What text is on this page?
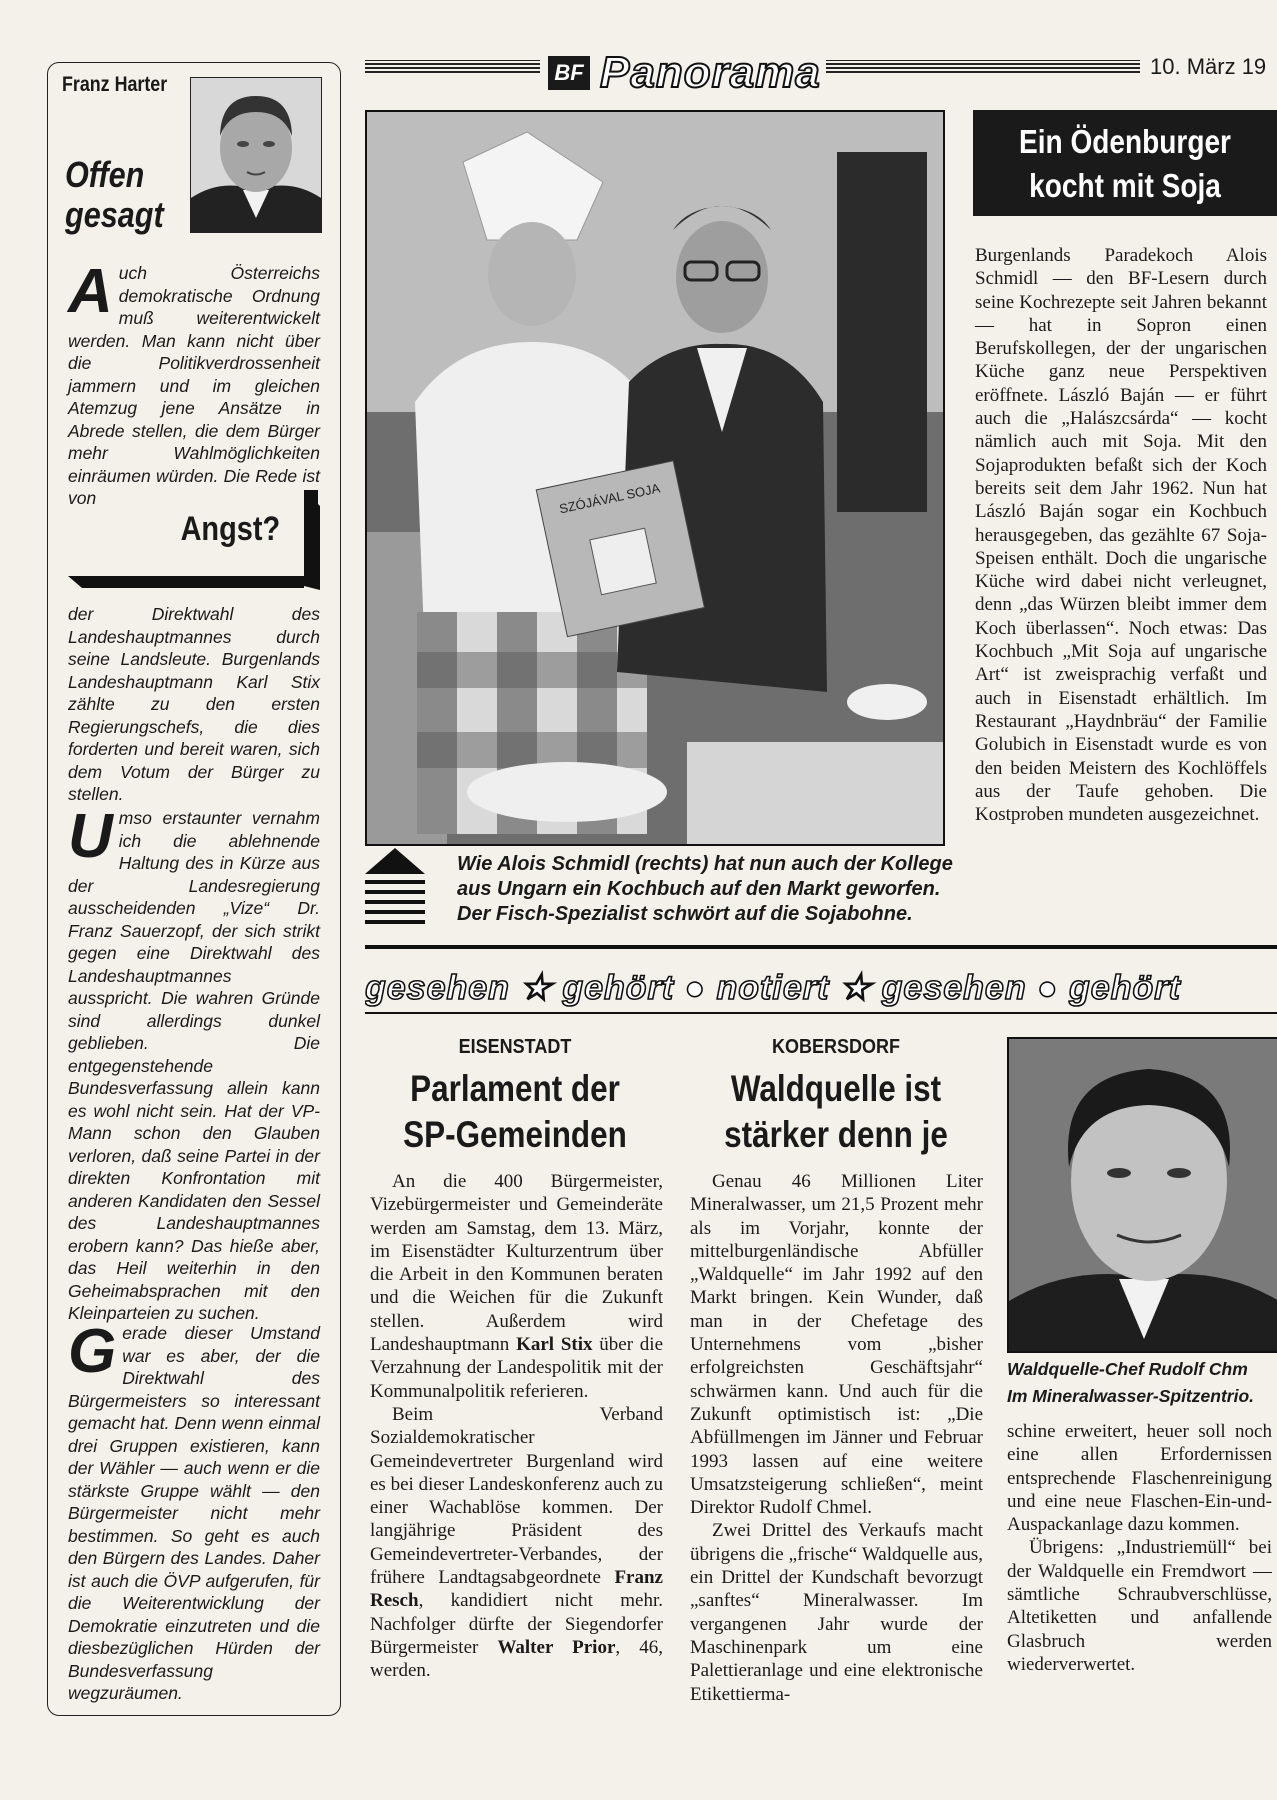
BF Panorama	10. März 19
Franz Harter
Offen
gesagt
Auch Österreichs demokratische Ordnung muß weiterentwickelt werden. Man kann nicht über die Politikverdrossenheit jammern und im gleichen Atemzug jene Ansätze in Abrede stellen, die dem Bürger mehr Wahlmöglichkeiten einräumen würden. Die Rede ist von
Angst?
der Direktwahl des Landeshauptmannes durch seine Landsleute. Burgenlands Landeshauptmann Karl Stix zählte zu den ersten Regierungschefs, die dies forderten und bereit waren, sich dem Votum der Bürger zu stellen.
Umso erstaunter vernahm ich die ablehnende Haltung des in Kürze aus der Landesregierung ausscheidenden „Vize“ Dr. Franz Sauerzopf, der sich strikt gegen eine Direktwahl des Landeshauptmannes ausspricht. Die wahren Gründe sind allerdings dunkel geblieben. Die entgegenstehende Bundesverfassung allein kann es wohl nicht sein. Hat der VP-Mann schon den Glauben verloren, daß seine Partei in der direkten Konfrontation mit anderen Kandidaten den Sessel des Landeshauptmannes erobern kann? Das hieße aber, das Heil weiterhin in den Geheimabsprachen mit den Kleinparteien zu suchen.
Gerade dieser Umstand war es aber, der die Direktwahl des Bürgermeisters so interessant gemacht hat. Denn wenn einmal drei Gruppen existieren, kann der Wähler — auch wenn er die stärkste Gruppe wählt — den Bürgermeister nicht mehr bestimmen. So geht es auch den Bürgern des Landes. Daher ist auch die ÖVP aufgerufen, für die Weiterentwicklung der Demokratie einzutreten und die diesbezüglichen Hürden der Bundesverfassung wegzuräumen.
SZÓJÁVAL SOJA
Wie Alois Schmidl (rechts) hat nun auch der Kollege aus Ungarn ein Kochbuch auf den Markt geworfen. Der Fisch-Spezialist schwört auf die Sojabohne.
Ein Ödenburger
kocht mit Soja
Burgenlands Paradekoch Alois Schmidl — den BF-Lesern durch seine Kochrezepte seit Jahren bekannt — hat in Sopron einen Berufskollegen, der der ungarischen Küche ganz neue Perspektiven eröffnete. László Baján — er führt auch die „Halászcsárda“ — kocht nämlich auch mit Soja. Mit den Sojaprodukten befaßt sich der Koch bereits seit dem Jahr 1962. Nun hat László Baján sogar ein Kochbuch herausgegeben, das gezählte 67 Soja-Speisen enthält. Doch die ungarische Küche wird dabei nicht verleugnet, denn „das Würzen bleibt immer dem Koch überlassen“. Noch etwas: Das Kochbuch „Mit Soja auf ungarische Art“ ist zweisprachig verfaßt und auch in Eisenstadt erhältlich. Im Restaurant „Haydnbräu“ der Familie Golubich in Eisenstadt wurde es von den beiden Meistern des Kochlöffels aus der Taufe gehoben. Die Kostproben mundeten ausgezeichnet.
gesehen ★ gehört ● notiert ★ gesehen ● gehört
EISENSTADT
Parlament der
SP-Gemeinden
An die 400 Bürgermeister, Vizebürgermeister und Gemeinderäte werden am Samstag, dem 13. März, im Eisenstädter Kulturzentrum über die Arbeit in den Kommunen beraten und die Weichen für die Zukunft stellen. Außerdem wird Landeshauptmann Karl Stix über die Verzahnung der Landespolitik mit der Kommunalpolitik referieren.
Beim Verband Sozialdemokratischer Gemeindevertreter Burgenland wird es bei dieser Landeskonferenz auch zu einer Wachablöse kommen. Der langjährige Präsident des Gemeindevertreter-Verbandes, der frühere Landtagsabgeordnete Franz Resch, kandidiert nicht mehr. Nachfolger dürfte der Siegendorfer Bürgermeister Walter Prior, 46, werden.
KOBERSDORF
Waldquelle ist
stärker denn je
Genau 46 Millionen Liter Mineralwasser, um 21,5 Prozent mehr als im Vorjahr, konnte der mittelburgenländische Abfüller „Waldquelle“ im Jahr 1992 auf den Markt bringen. Kein Wunder, daß man in der Chefetage des Unternehmens vom „bisher erfolgreichsten Geschäftsjahr“ schwärmen kann. Und auch für die Zukunft optimistisch ist: „Die Abfüllmengen im Jänner und Februar 1993 lassen auf eine weitere Umsatzsteigerung schließen“, meint Direktor Rudolf Chmel.
Zwei Drittel des Verkaufs macht übrigens die „frische“ Waldquelle aus, ein Drittel der Kundschaft bevorzugt „sanftes“ Mineralwasser. Im vergangenen Jahr wurde der Maschinenpark um eine Palettieranlage und eine elektronische Etikettierma-
Waldquelle-Chef Rudolf Chm
Im Mineralwasser-Spitzentrio.
schine erweitert, heuer soll noch eine allen Erfordernissen entsprechende Flaschenreinigung und eine neue Flaschen-Ein-und-Auspackanlage dazu kommen.
Übrigens: „Industriemüll“ bei der Waldquelle ein Fremdwort — sämtliche Schraubverschlüsse, Altetiketten und anfallende Glasbruch werden wiederverwertet.
